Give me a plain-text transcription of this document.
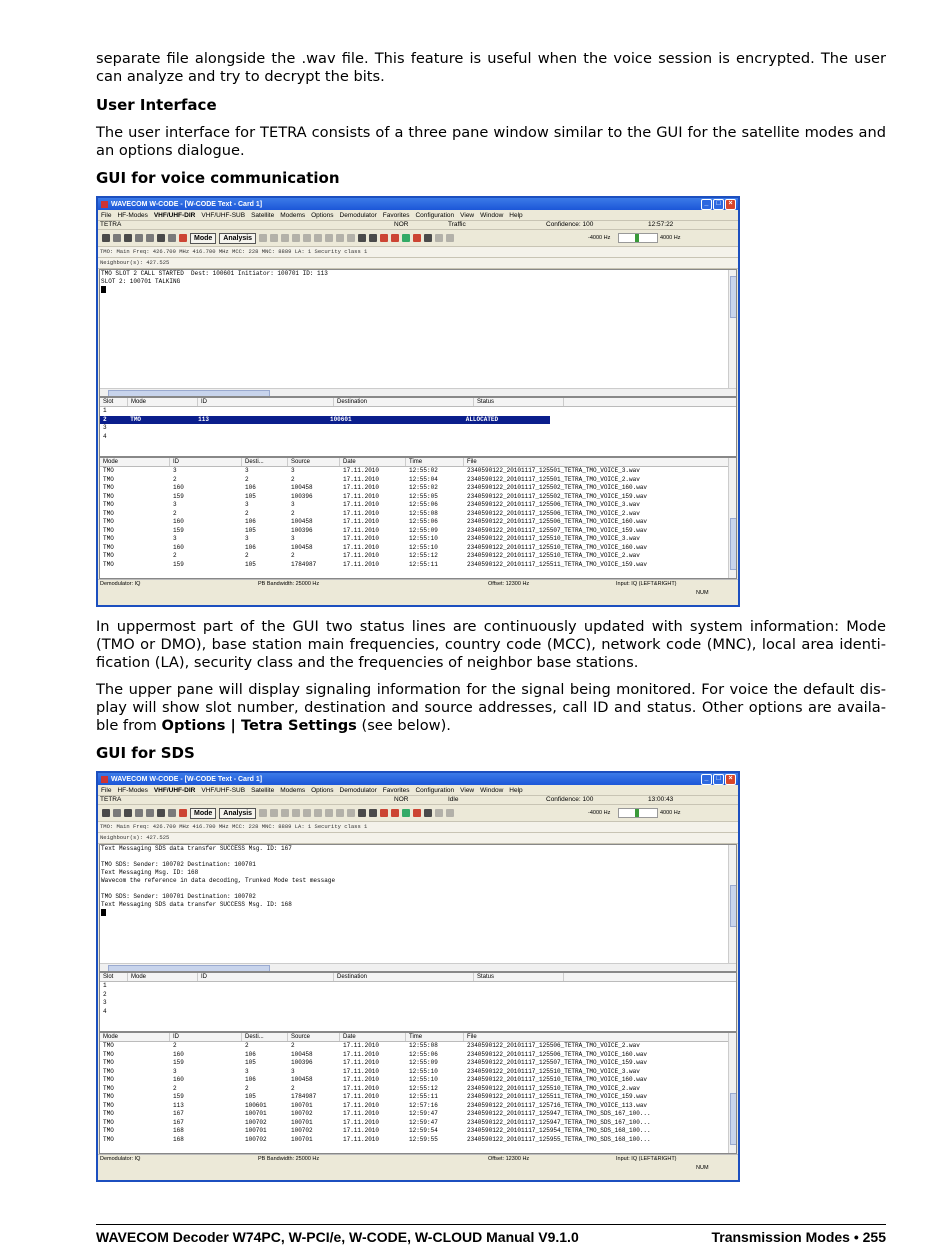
separate file alongside the .wav file. This feature is useful when the voice session is encrypted. The user can analyze and try to decrypt the bits.

User Interface

The user interface for TETRA consists of a three pane window similar to the GUI for the satellite modes and an options dialogue.

GUI for voice communication

WAVECOM W-CODE - [W-CODE Text - Card 1]	_	□	×
File HF-Modes VHF/UHF-DIR VHF/UHF-SUB Satellite Modems Options Demodulator Favorites Configuration View Window Help
TETRA	NOR	Traffic	Confidence: 100	12:57:22
Mode	Analysis	-4000 Hz	4000 Hz
TMO: Main Freq: 426.700 MHz 416.700 MHz MCC: 228 MNC: 8889 LA: 1 Security class 1
Neighbour(s): 427.525
TMO SLOT 2 CALL STARTED  Dest: 100601 Initiator: 100701 ID: 113
SLOT 2: 100701 TALKING
Slot	Mode	ID	Destination	Status
1
2	TMO	113	100601	ALLOCATED
3
4
Mode	ID	Desti...	Source	Date	Time	File
TMO	3	3	3	17.11.2010	12:55:02	2340590122_20101117_125501_TETRA_TMO_VOICE_3.wav
TMO	2	2	2	17.11.2010	12:55:04	2340590122_20101117_125501_TETRA_TMO_VOICE_2.wav
TMO	160	106	100458	17.11.2010	12:55:02	2340590122_20101117_125502_TETRA_TMO_VOICE_160.wav
TMO	159	105	100396	17.11.2010	12:55:05	2340590122_20101117_125502_TETRA_TMO_VOICE_159.wav
TMO	3	3	3	17.11.2010	12:55:06	2340590122_20101117_125506_TETRA_TMO_VOICE_3.wav
TMO	2	2	2	17.11.2010	12:55:08	2340590122_20101117_125506_TETRA_TMO_VOICE_2.wav
TMO	160	106	100458	17.11.2010	12:55:06	2340590122_20101117_125506_TETRA_TMO_VOICE_160.wav
TMO	159	105	100396	17.11.2010	12:55:09	2340590122_20101117_125507_TETRA_TMO_VOICE_159.wav
TMO	3	3	3	17.11.2010	12:55:10	2340590122_20101117_125510_TETRA_TMO_VOICE_3.wav
TMO	160	106	100458	17.11.2010	12:55:10	2340590122_20101117_125510_TETRA_TMO_VOICE_160.wav
TMO	2	2	2	17.11.2010	12:55:12	2340590122_20101117_125510_TETRA_TMO_VOICE_2.wav
TMO	159	105	1784987	17.11.2010	12:55:11	2340590122_20101117_125511_TETRA_TMO_VOICE_159.wav
Demodulator: IQ	PB Bandwidth: 25000 Hz	Offset: 12300 Hz	Input: IQ (LEFT&RIGHT)
NUM

In uppermost part of the GUI two status lines are continuously updated with system information: Mode (TMO or DMO), base station main frequencies, country code (MCC), network code (MNC), local area identi-fication (LA), security class and the frequencies of neighbor base stations.

The upper pane will display signaling information for the signal being monitored. For voice the default dis-play will show slot number, destination and source addresses, call ID and status. Other options are availa-ble from Options | Tetra Settings (see below).

GUI for SDS

WAVECOM W-CODE - [W-CODE Text - Card 1]	_	□	×
File HF-Modes VHF/UHF-DIR VHF/UHF-SUB Satellite Modems Options Demodulator Favorites Configuration View Window Help
TETRA	NOR	Idle	Confidence: 100	13:00:43
Mode	Analysis	-4000 Hz	4000 Hz
TMO: Main Freq: 426.700 MHz 416.700 MHz MCC: 228 MNC: 8889 LA: 1 Security class 1
Neighbour(s): 427.525
Text Messaging SDS data transfer SUCCESS Msg. ID: 167
TMO SDS: Sender: 100702 Destination: 100701
Text Messaging Msg. ID: 168
Wavecom the reference in data decoding, Trunked Mode test message
TMO SDS: Sender: 100701 Destination: 100702
Text Messaging SDS data transfer SUCCESS Msg. ID: 168
Slot	Mode	ID	Destination	Status
1
2
3
4
Mode	ID	Desti...	Source	Date	Time	File
TMO	2	2	2	17.11.2010	12:55:08	2340590122_20101117_125506_TETRA_TMO_VOICE_2.wav
TMO	160	106	100458	17.11.2010	12:55:06	2340590122_20101117_125506_TETRA_TMO_VOICE_160.wav
TMO	159	105	100396	17.11.2010	12:55:09	2340590122_20101117_125507_TETRA_TMO_VOICE_159.wav
TMO	3	3	3	17.11.2010	12:55:10	2340590122_20101117_125510_TETRA_TMO_VOICE_3.wav
TMO	160	106	100458	17.11.2010	12:55:10	2340590122_20101117_125510_TETRA_TMO_VOICE_160.wav
TMO	2	2	2	17.11.2010	12:55:12	2340590122_20101117_125510_TETRA_TMO_VOICE_2.wav
TMO	159	105	1784987	17.11.2010	12:55:11	2340590122_20101117_125511_TETRA_TMO_VOICE_159.wav
TMO	113	100601	100701	17.11.2010	12:57:16	2340590122_20101117_125716_TETRA_TMO_VOICE_113.wav
TMO	167	100701	100702	17.11.2010	12:59:47	2340590122_20101117_125947_TETRA_TMO_SDS_167_100...
TMO	167	100702	100701	17.11.2010	12:59:47	2340590122_20101117_125947_TETRA_TMO_SDS_167_100...
TMO	168	100701	100702	17.11.2010	12:59:54	2340590122_20101117_125954_TETRA_TMO_SDS_168_100...
TMO	168	100702	100701	17.11.2010	12:59:55	2340590122_20101117_125955_TETRA_TMO_SDS_168_100...
Demodulator: IQ	PB Bandwidth: 25000 Hz	Offset: 12300 Hz	Input: IQ (LEFT&RIGHT)
NUM
WAVECOM Decoder W74PC, W-PCI/e, W-CODE, W-CLOUD Manual V9.1.0	Transmission Modes • 255
